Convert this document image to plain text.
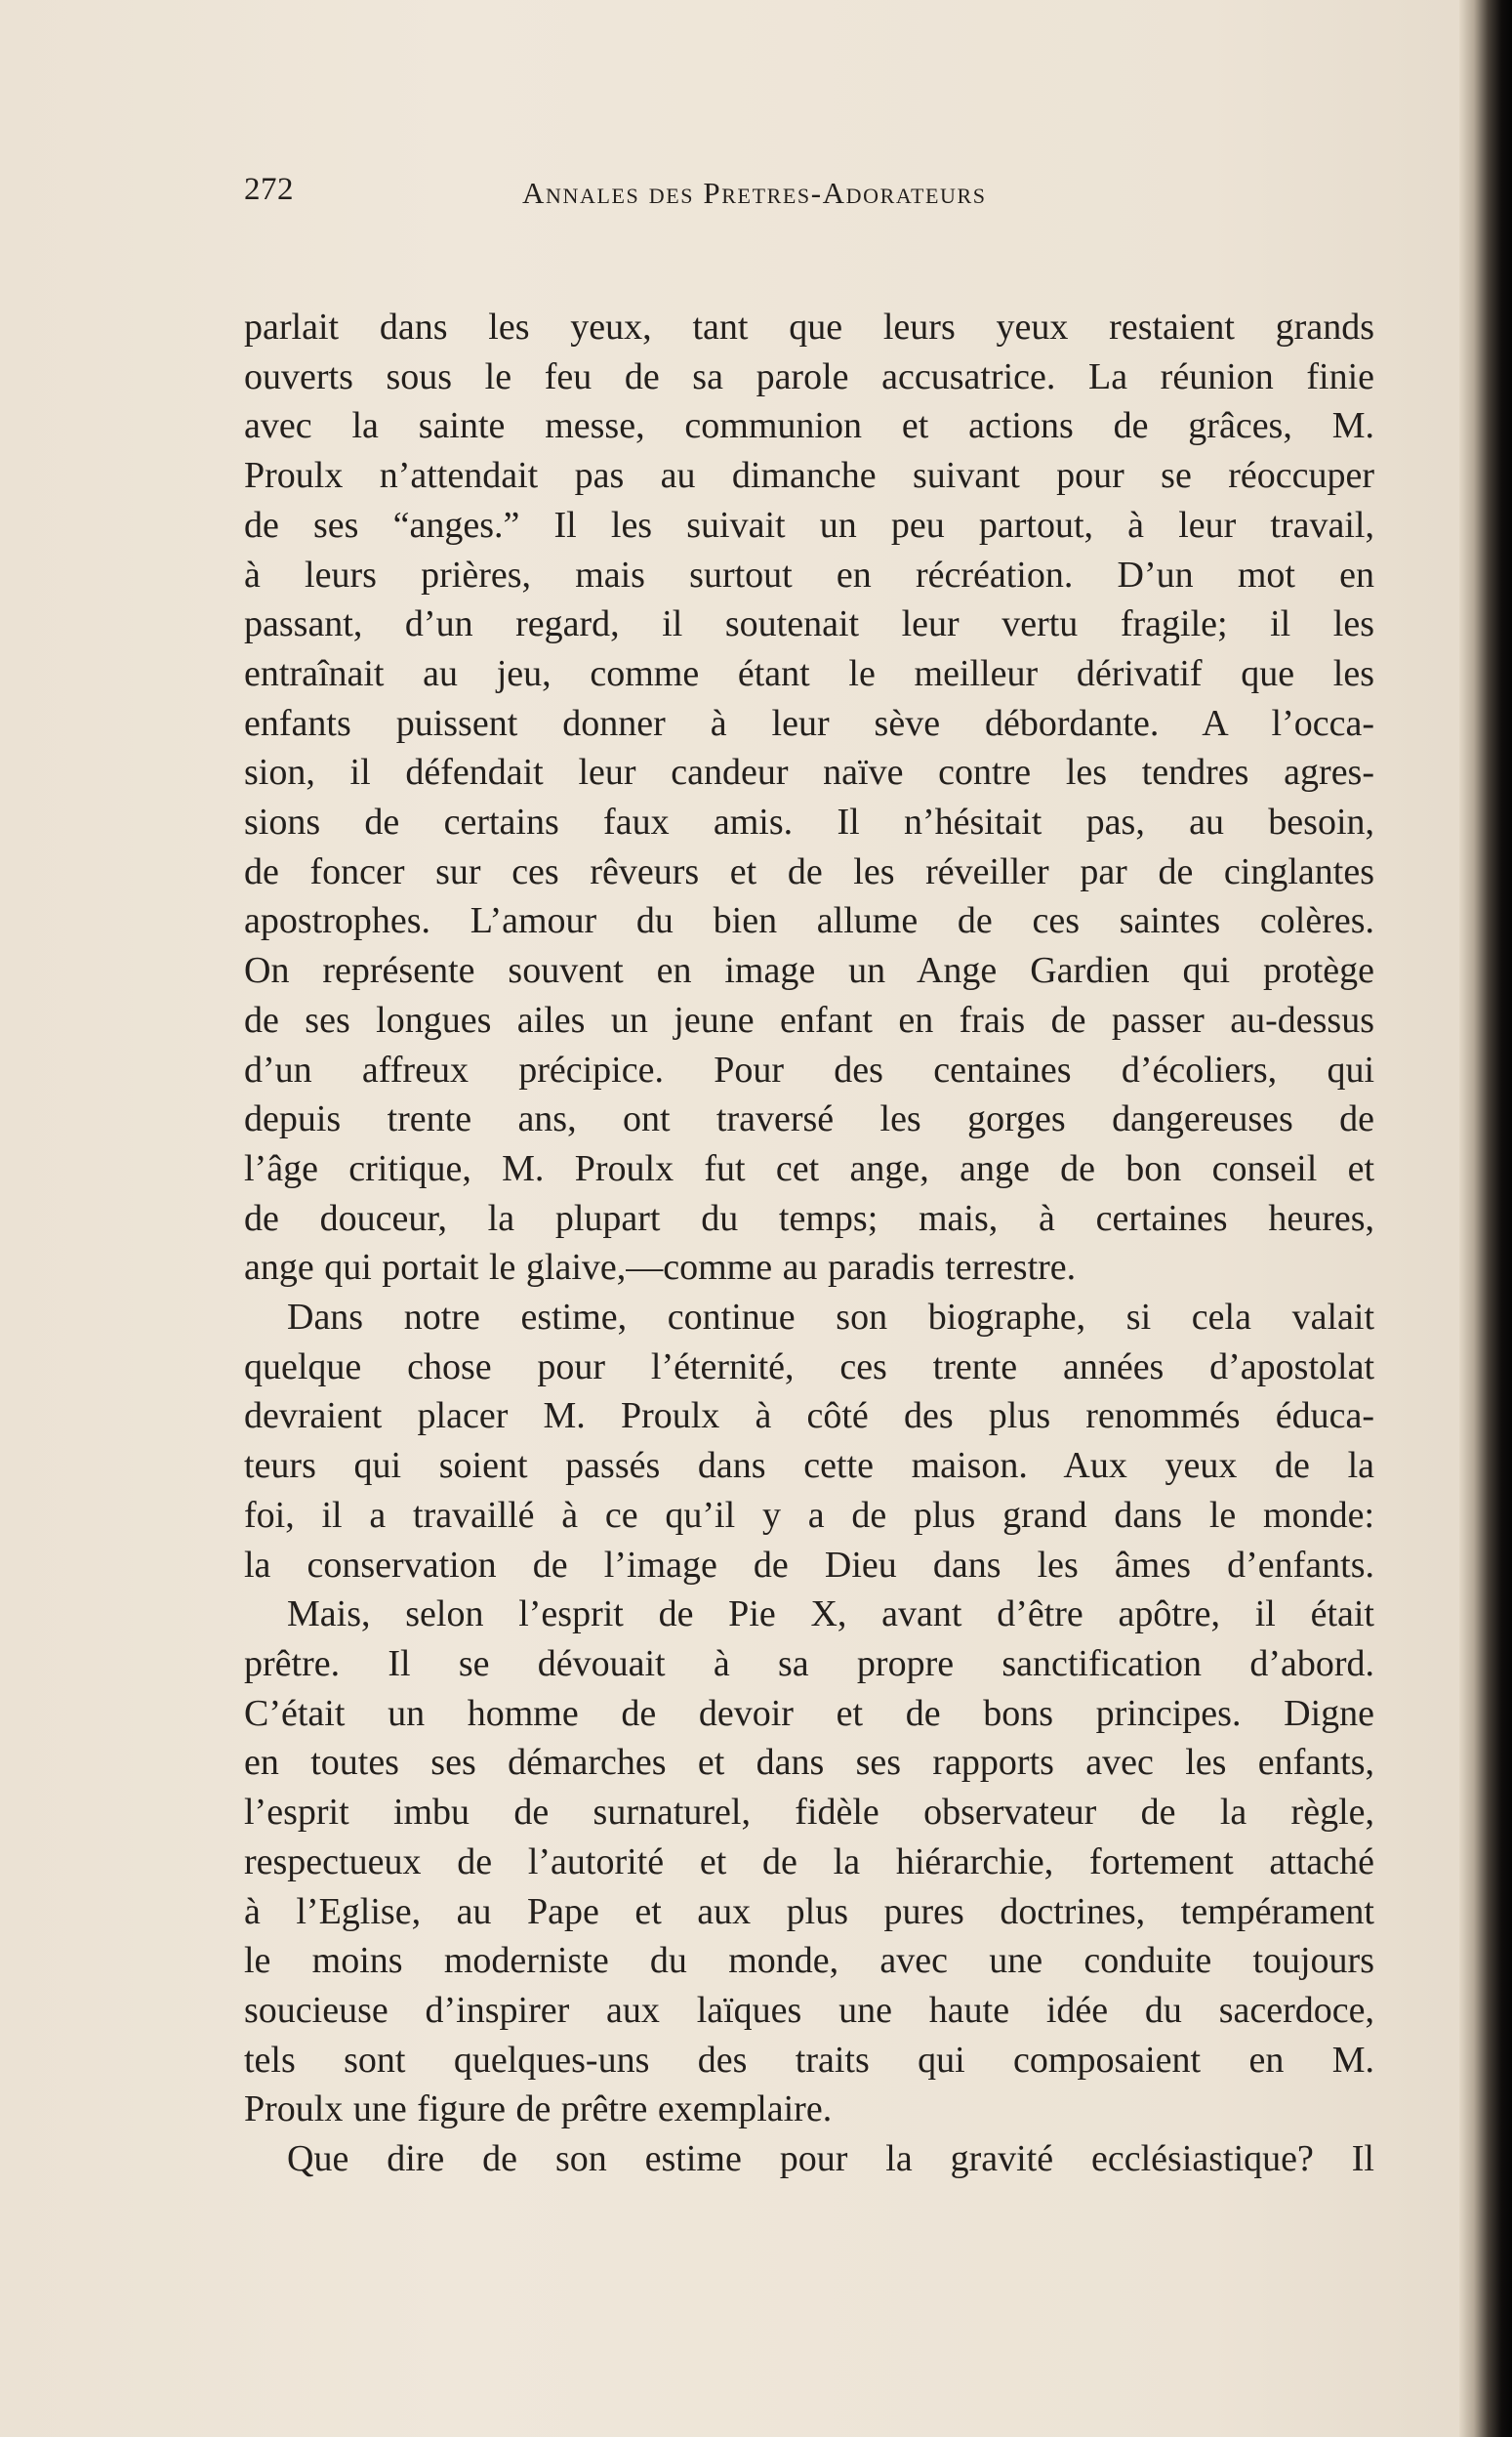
272	Annales des Pretres-Adorateurs

parlait dans les yeux, tant que leurs yeux restaient grands
ouverts sous le feu de sa parole accusatrice. La réunion finie
avec la sainte messe, communion et actions de grâces, M.
Proulx n’attendait pas au dimanche suivant pour se réoccuper
de ses “anges.” Il les suivait un peu partout, à leur travail,
à leurs prières, mais surtout en récréation. D’un mot en
passant, d’un regard, il soutenait leur vertu fragile; il les
entraînait au jeu, comme étant le meilleur dérivatif que les
enfants puissent donner à leur sève débordante. A l’occa-
sion, il défendait leur candeur naïve contre les tendres agres-
sions de certains faux amis. Il n’hésitait pas, au besoin,
de foncer sur ces rêveurs et de les réveiller par de cinglantes
apostrophes. L’amour du bien allume de ces saintes colères.
On représente souvent en image un Ange Gardien qui protège
de ses longues ailes un jeune enfant en frais de passer au-dessus
d’un affreux précipice. Pour des centaines d’écoliers, qui
depuis trente ans, ont traversé les gorges dangereuses de
l’âge critique, M. Proulx fut cet ange, ange de bon conseil et
de douceur, la plupart du temps; mais, à certaines heures,
ange qui portait le glaive,—comme au paradis terrestre.

Dans notre estime, continue son biographe, si cela valait
quelque chose pour l’éternité, ces trente années d’apostolat
devraient placer M. Proulx à côté des plus renommés éduca-
teurs qui soient passés dans cette maison. Aux yeux de la
foi, il a travaillé à ce qu’il y a de plus grand dans le monde:
la conservation de l’image de Dieu dans les âmes d’enfants.

Mais, selon l’esprit de Pie X, avant d’être apôtre, il était
prêtre. Il se dévouait à sa propre sanctification d’abord.
C’était un homme de devoir et de bons principes. Digne
en toutes ses démarches et dans ses rapports avec les enfants,
l’esprit imbu de surnaturel, fidèle observateur de la règle,
respectueux de l’autorité et de la hiérarchie, fortement attaché
à l’Eglise, au Pape et aux plus pures doctrines, tempérament
le moins moderniste du monde, avec une conduite toujours
soucieuse d’inspirer aux laïques une haute idée du sacerdoce,
tels sont quelques-uns des traits qui composaient en M.
Proulx une figure de prêtre exemplaire.

Que dire de son estime pour la gravité ecclésiastique? Il
